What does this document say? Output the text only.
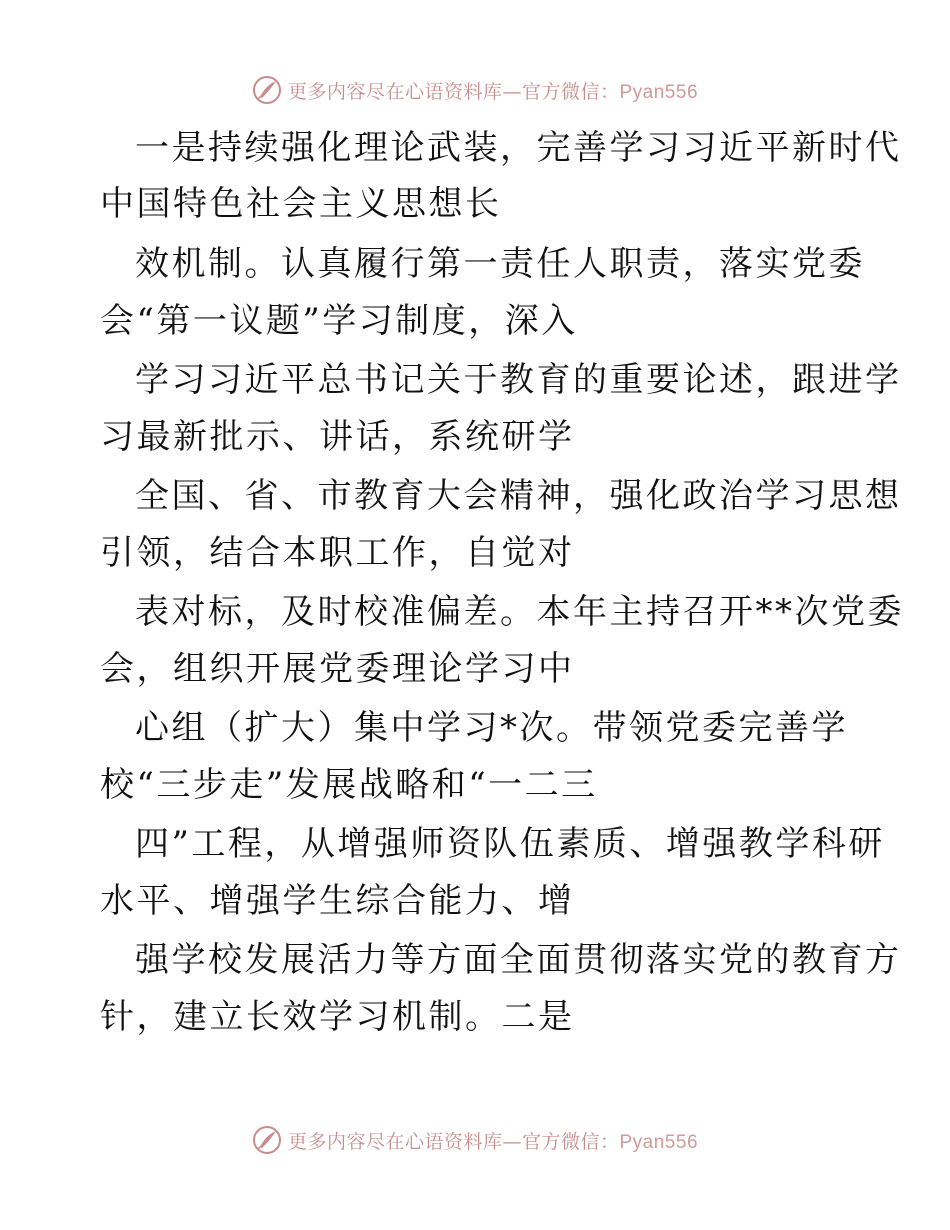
更多内容尽在心语资料库—官方微信：Pyan556
一是持续强化理论武装，完善学习习近平新时代
中国特色社会主义思想长
效机制。认真履行第一责任人职责，落实党委
会“第一议题”学习制度，深入
学习习近平总书记关于教育的重要论述，跟进学
习最新批示、讲话，系统研学
全国、省、市教育大会精神，强化政治学习思想
引领，结合本职工作，自觉对
表对标，及时校准偏差。本年主持召开**次党委
会，组织开展党委理论学习中
心组（扩大）集中学习*次。带领党委完善学
校“三步走”发展战略和“一二三
四”工程，从增强师资队伍素质、增强教学科研
水平、增强学生综合能力、增
强学校发展活力等方面全面贯彻落实党的教育方
针，建立长效学习机制。二是
更多内容尽在心语资料库—官方微信：Pyan556
